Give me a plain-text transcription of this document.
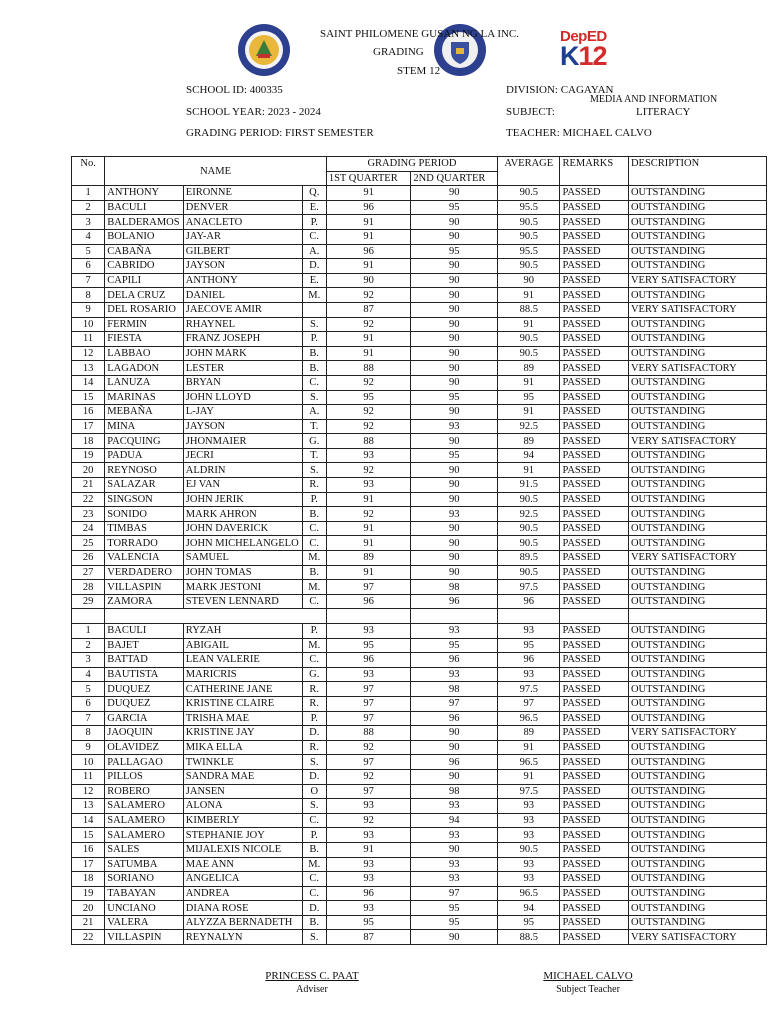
DepED
K12
SAINT PHILOMENE GUSAN NG LA INC.
GRADING
STEM 12
SCHOOL ID: 400335
SCHOOL YEAR: 2023 - 2024
GRADING PERIOD: FIRST SEMESTER
DIVISION: CAGAYAN
MEDIA AND INFORMATION
SUBJECT:	LITERACY
TEACHER: MICHAEL CALVO
No.	NAME			GRADING PERIOD		AVERAGE	REMARKS	DESCRIPTION
				1ST QUARTER	2ND QUARTER			
1	ANTHONY	EIRONNE	Q.	91	90	90.5	PASSED	OUTSTANDING
2	BACULI	DENVER	E.	96	95	95.5	PASSED	OUTSTANDING
3	BALDERAMOS	ANACLETO	P.	91	90	90.5	PASSED	OUTSTANDING
4	BOLANIO	JAY-AR	C.	91	90	90.5	PASSED	OUTSTANDING
5	CABAÑA	GILBERT	A.	96	95	95.5	PASSED	OUTSTANDING
6	CABRIDO	JAYSON	D.	91	90	90.5	PASSED	OUTSTANDING
7	CAPILI	ANTHONY	E.	90	90	90	PASSED	VERY SATISFACTORY
8	DELA CRUZ	DANIEL	M.	92	90	91	PASSED	OUTSTANDING
9	DEL ROSARIO	JAECOVE AMIR		87	90	88.5	PASSED	VERY SATISFACTORY
10	FERMIN	RHAYNEL	S.	92	90	91	PASSED	OUTSTANDING
11	FIESTA	FRANZ JOSEPH	P.	91	90	90.5	PASSED	OUTSTANDING
12	LABBAO	JOHN MARK	B.	91	90	90.5	PASSED	OUTSTANDING
13	LAGADON	LESTER	B.	88	90	89	PASSED	VERY SATISFACTORY
14	LANUZA	BRYAN	C.	92	90	91	PASSED	OUTSTANDING
15	MARINAS	JOHN LLOYD	S.	95	95	95	PASSED	OUTSTANDING
16	MEBAÑA	L-JAY	A.	92	90	91	PASSED	OUTSTANDING
17	MINA	JAYSON	T.	92	93	92.5	PASSED	OUTSTANDING
18	PACQUING	JHONMAIER	G.	88	90	89	PASSED	VERY SATISFACTORY
19	PADUA	JECRI	T.	93	95	94	PASSED	OUTSTANDING
20	REYNOSO	ALDRIN	S.	92	90	91	PASSED	OUTSTANDING
21	SALAZAR	EJ VAN	R.	93	90	91.5	PASSED	OUTSTANDING
22	SINGSON	JOHN JERIK	P.	91	90	90.5	PASSED	OUTSTANDING
23	SONIDO	MARK AHRON	B.	92	93	92.5	PASSED	OUTSTANDING
24	TIMBAS	JOHN DAVERICK	C.	91	90	90.5	PASSED	OUTSTANDING
25	TORRADO	JOHN MICHELANGELO	C.	91	90	90.5	PASSED	OUTSTANDING
26	VALENCIA	SAMUEL	M.	89	90	89.5	PASSED	VERY SATISFACTORY
27	VERDADERO	JOHN TOMAS	B.	91	90	90.5	PASSED	OUTSTANDING
28	VILLASPIN	MARK JESTONI	M.	97	98	97.5	PASSED	OUTSTANDING
29	ZAMORA	STEVEN LENNARD	C.	96	96	96	PASSED	OUTSTANDING

1	BACULI	RYZAH	P.	93	93	93	PASSED	OUTSTANDING
2	BAJET	ABIGAIL	M.	95	95	95	PASSED	OUTSTANDING
3	BATTAD	LEAN VALERIE	C.	96	96	96	PASSED	OUTSTANDING
4	BAUTISTA	MARICRIS	G.	93	93	93	PASSED	OUTSTANDING
5	DUQUEZ	CATHERINE JANE	R.	97	98	97.5	PASSED	OUTSTANDING
6	DUQUEZ	KRISTINE CLAIRE	R.	97	97	97	PASSED	OUTSTANDING
7	GARCIA	TRISHA MAE	P.	97	96	96.5	PASSED	OUTSTANDING
8	JAOQUIN	KRISTINE JAY	D.	88	90	89	PASSED	VERY SATISFACTORY
9	OLAVIDEZ	MIKA ELLA	R.	92	90	91	PASSED	OUTSTANDING
10	PALLAGAO	TWINKLE	S.	97	96	96.5	PASSED	OUTSTANDING
11	PILLOS	SANDRA MAE	D.	92	90	91	PASSED	OUTSTANDING
12	ROBERO	JANSEN	O	97	98	97.5	PASSED	OUTSTANDING
13	SALAMERO	ALONA	S.	93	93	93	PASSED	OUTSTANDING
14	SALAMERO	KIMBERLY	C.	92	94	93	PASSED	OUTSTANDING
15	SALAMERO	STEPHANIE JOY	P.	93	93	93	PASSED	OUTSTANDING
16	SALES	MIJALEXIS NICOLE	B.	91	90	90.5	PASSED	OUTSTANDING
17	SATUMBA	MAE ANN	M.	93	93	93	PASSED	OUTSTANDING
18	SORIANO	ANGELICA	C.	93	93	93	PASSED	OUTSTANDING
19	TABAYAN	ANDREA	C.	96	97	96.5	PASSED	OUTSTANDING
20	UNCIANO	DIANA ROSE	D.	93	95	94	PASSED	OUTSTANDING
21	VALERA	ALYZZA BERNADETH	B.	95	95	95	PASSED	OUTSTANDING
22	VILLASPIN	REYNALYN	S.	87	90	88.5	PASSED	VERY SATISFACTORY
PRINCESS C. PAAT
Adviser
MICHAEL CALVO
Subject Teacher
